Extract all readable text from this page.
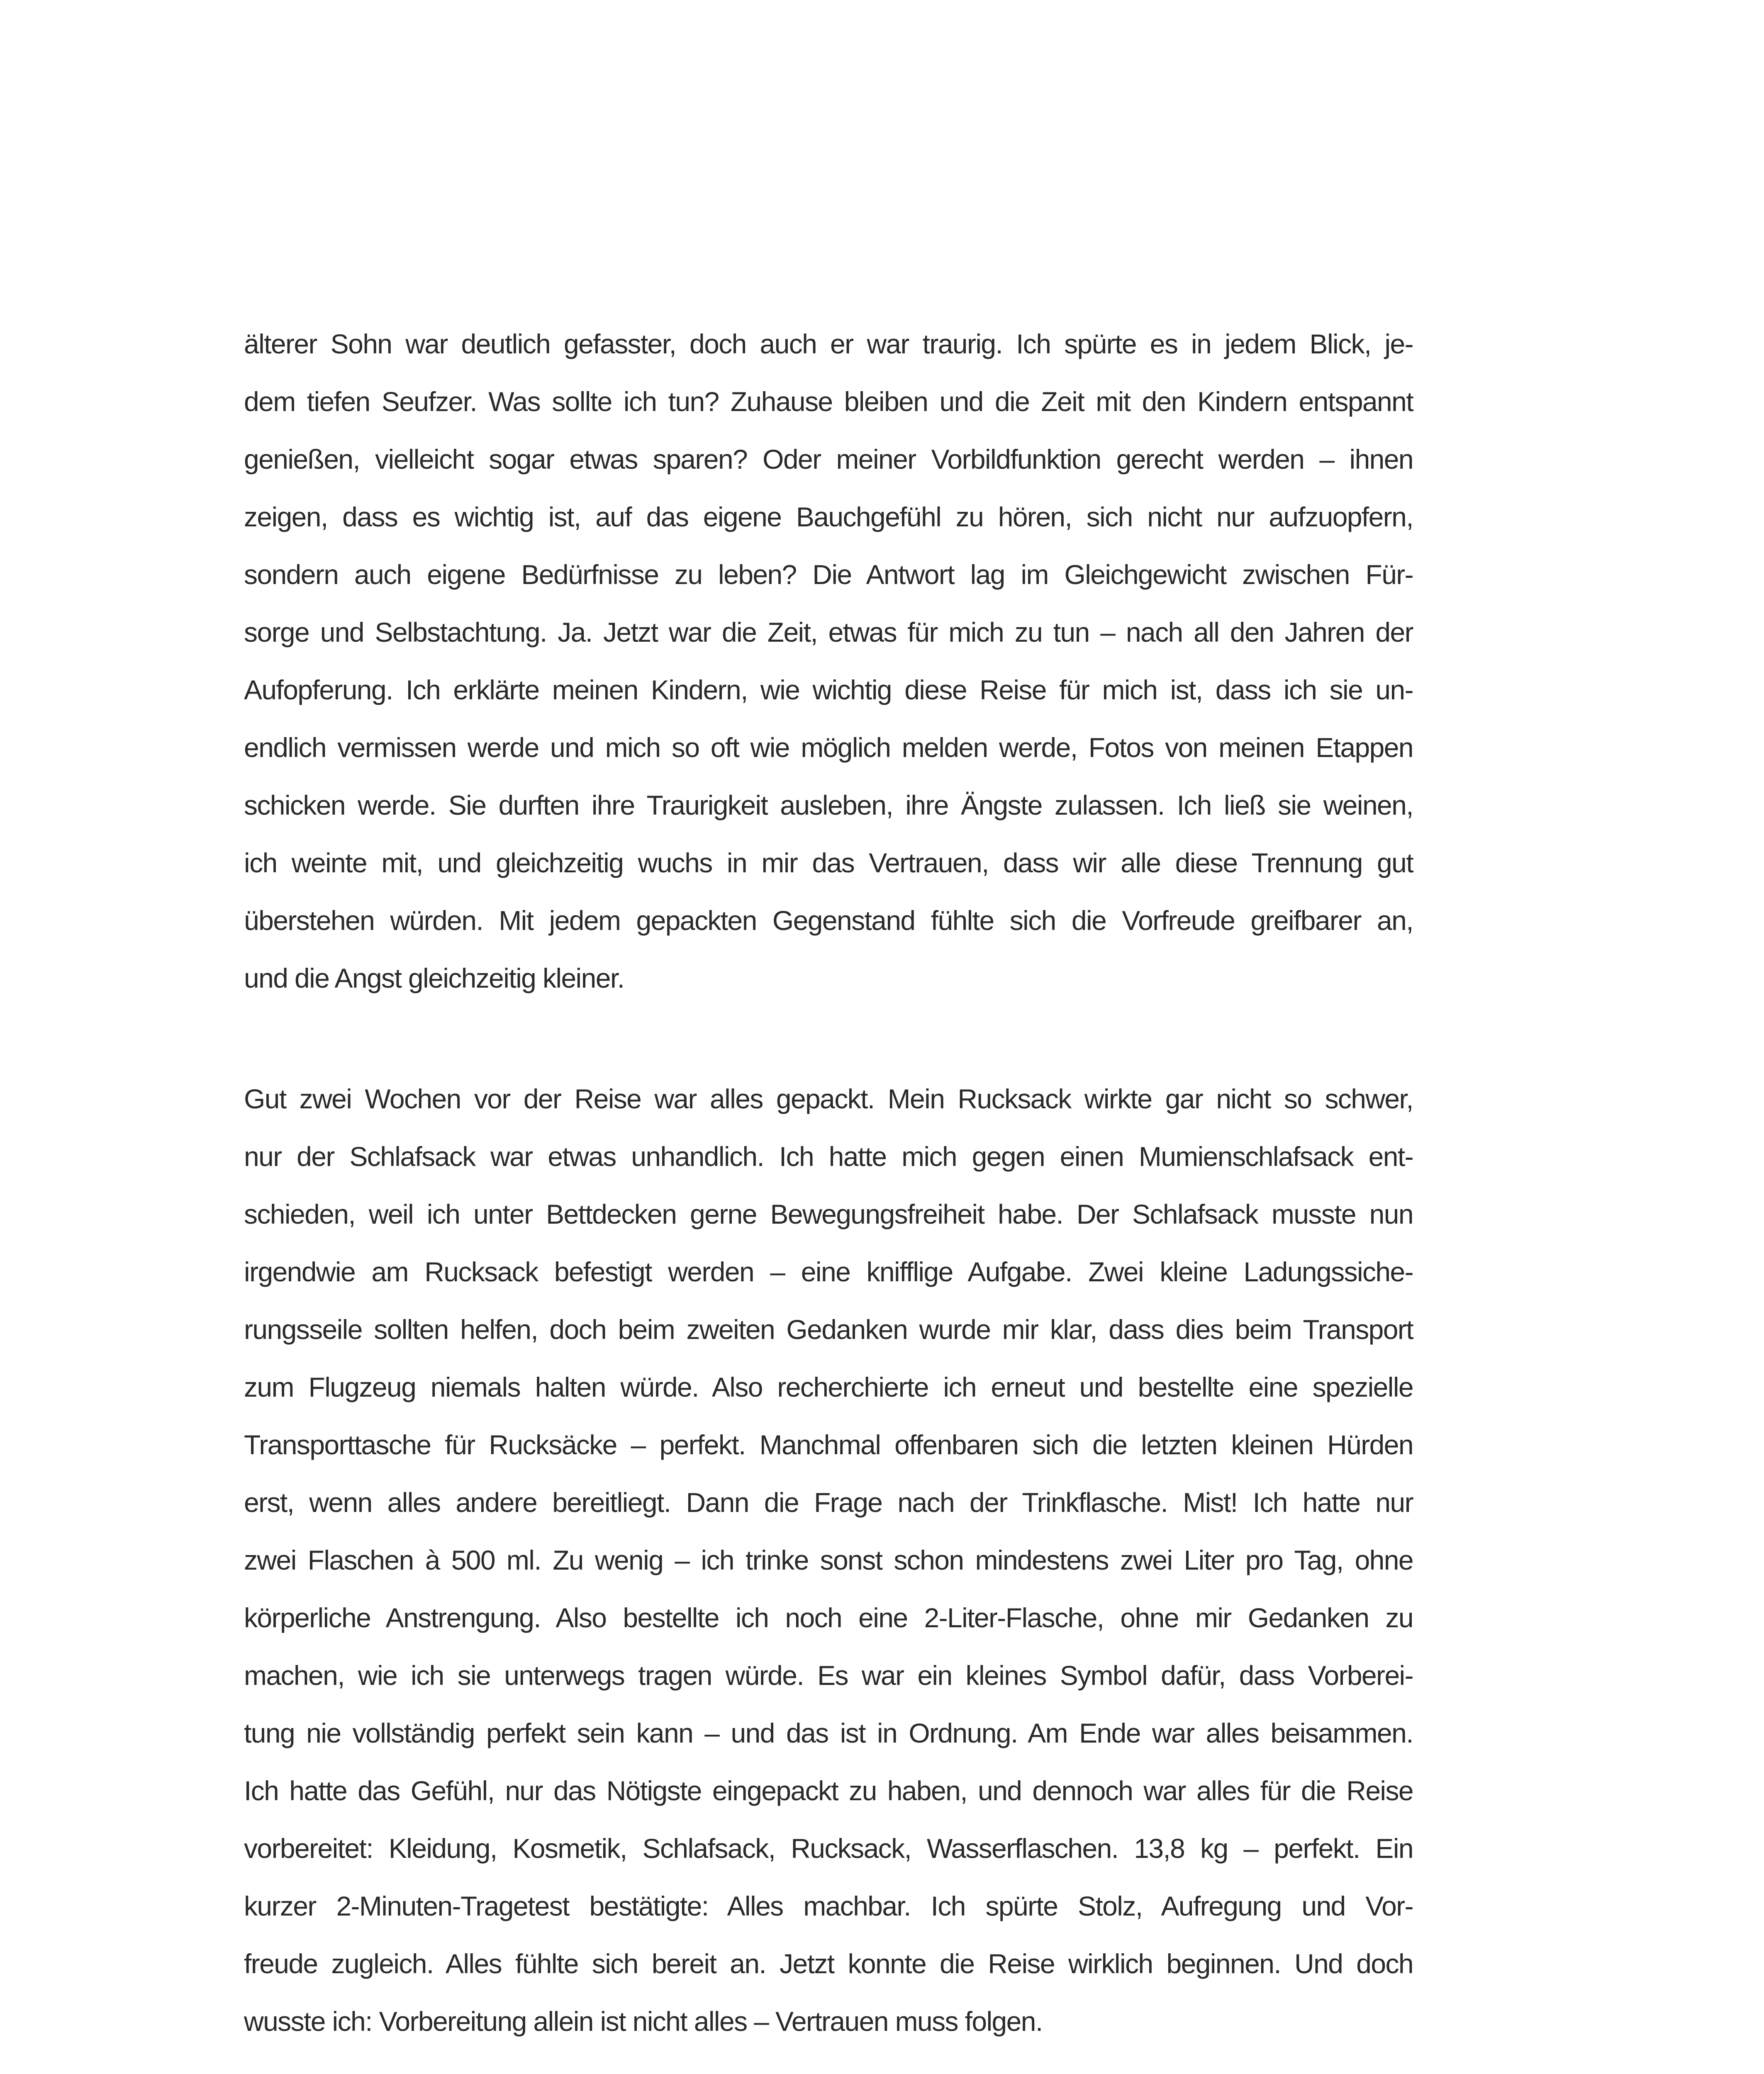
älterer Sohn war deutlich gefasster, doch auch er war traurig. Ich spürte es in jedem Blick, je-
dem tiefen Seufzer. Was sollte ich tun? Zuhause bleiben und die Zeit mit den Kindern entspannt
genießen, vielleicht sogar etwas sparen? Oder meiner Vorbildfunktion gerecht werden – ihnen
zeigen, dass es wichtig ist, auf das eigene Bauchgefühl zu hören, sich nicht nur aufzuopfern,
sondern auch eigene Bedürfnisse zu leben? Die Antwort lag im Gleichgewicht zwischen Für-
sorge und Selbstachtung. Ja. Jetzt war die Zeit, etwas für mich zu tun – nach all den Jahren der
Aufopferung. Ich erklärte meinen Kindern, wie wichtig diese Reise für mich ist, dass ich sie un-
endlich vermissen werde und mich so oft wie möglich melden werde, Fotos von meinen Etappen
schicken werde. Sie durften ihre Traurigkeit ausleben, ihre Ängste zulassen. Ich ließ sie weinen,
ich weinte mit, und gleichzeitig wuchs in mir das Vertrauen, dass wir alle diese Trennung gut
überstehen würden. Mit jedem gepackten Gegenstand fühlte sich die Vorfreude greifbarer an,
und die Angst gleichzeitig kleiner.
Gut zwei Wochen vor der Reise war alles gepackt. Mein Rucksack wirkte gar nicht so schwer,
nur der Schlafsack war etwas unhandlich. Ich hatte mich gegen einen Mumienschlafsack ent-
schieden, weil ich unter Bettdecken gerne Bewegungsfreiheit habe. Der Schlafsack musste nun
irgendwie am Rucksack befestigt werden – eine knifflige Aufgabe. Zwei kleine Ladungssiche-
rungsseile sollten helfen, doch beim zweiten Gedanken wurde mir klar, dass dies beim Transport
zum Flugzeug niemals halten würde. Also recherchierte ich erneut und bestellte eine spezielle
Transporttasche für Rucksäcke – perfekt. Manchmal offenbaren sich die letzten kleinen Hürden
erst, wenn alles andere bereitliegt. Dann die Frage nach der Trinkflasche. Mist! Ich hatte nur
zwei Flaschen à 500 ml. Zu wenig – ich trinke sonst schon mindestens zwei Liter pro Tag, ohne
körperliche Anstrengung. Also bestellte ich noch eine 2-Liter-Flasche, ohne mir Gedanken zu
machen, wie ich sie unterwegs tragen würde. Es war ein kleines Symbol dafür, dass Vorberei-
tung nie vollständig perfekt sein kann – und das ist in Ordnung. Am Ende war alles beisammen.
Ich hatte das Gefühl, nur das Nötigste eingepackt zu haben, und dennoch war alles für die Reise
vorbereitet: Kleidung, Kosmetik, Schlafsack, Rucksack, Wasserflaschen. 13,8 kg – perfekt. Ein
kurzer 2-Minuten-Tragetest bestätigte: Alles machbar. Ich spürte Stolz, Aufregung und Vor-
freude zugleich. Alles fühlte sich bereit an. Jetzt konnte die Reise wirklich beginnen. Und doch
wusste ich: Vorbereitung allein ist nicht alles – Vertrauen muss folgen.
